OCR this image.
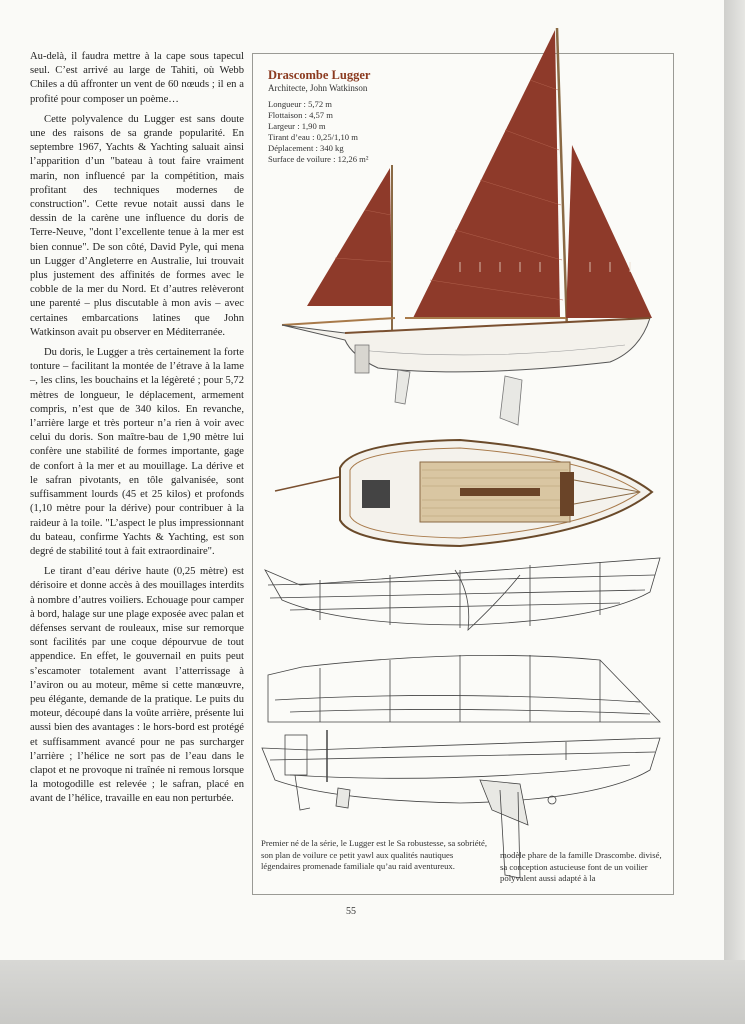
Au-delà, il faudra mettre à la cape sous tapecul seul. C’est arrivé au large de Tahiti, où Webb Chiles a dû affronter un vent de 60 nœuds ; il en a profité pour composer un poème…

Cette polyvalence du Lugger est sans doute une des raisons de sa grande popularité. En septembre 1967, Yachts & Yachting saluait ainsi l’apparition d’un "bateau à tout faire vraiment marin, non influencé par la compétition, mais profitant des techniques modernes de construction". Cette revue notait aussi dans le dessin de la carène une influence du doris de Terre-Neuve, "dont l’excellente tenue à la mer est bien connue". De son côté, David Pyle, qui mena un Lugger d’Angleterre en Australie, lui trouvait plus justement des affinités de formes avec le cobble de la mer du Nord. Et d’autres relèveront une parenté – plus discutable à mon avis – avec certaines embarcations latines que John Watkinson avait pu observer en Méditerranée.

Du doris, le Lugger a très certainement la forte tonture – facilitant la montée de l’étrave à la lame –, les clins, les bouchains et la légèreté ; pour 5,72 mètres de longueur, le déplacement, armement compris, n’est que de 340 kilos. En revanche, l’arrière large et très porteur n’a rien à voir avec celui du doris. Son maître-bau de 1,90 mètre lui confère une stabilité de formes importante, gage de confort à la mer et au mouillage. La dérive et le safran pivotants, en tôle galvanisée, sont suffisamment lourds (45 et 25 kilos) et profonds (1,10 mètre pour la dérive) pour contribuer à la raideur à la toile. "L’aspect le plus impressionnant du bateau, confirme Yachts & Yachting, est son degré de stabilité tout à fait extraordinaire".

Le tirant d’eau dérive haute (0,25 mètre) est dérisoire et donne accès à des mouillages interdits à nombre d’autres voiliers. Echouage pour camper à bord, halage sur une plage exposée avec palan et défenses servant de rouleaux, mise sur remorque sont facilités par une coque dépourvue de tout appendice. En effet, le gouvernail en puits peut s’escamoter totalement avant l’atterrissage à l’aviron ou au moteur, même si cette manœuvre, peu élégante, demande de la pratique. Le puits du moteur, découpé dans la voûte arrière, présente lui aussi bien des avantages : le hors-bord est protégé et suffisamment avancé pour ne pas surcharger l’arrière ; l’hélice ne sort pas de l’eau dans le clapot et ne provoque ni traînée ni remous lorsque la motogodille est relevée ; le safran, placé en avant de l’hélice, travaille en eau non perturbée.

Drascombe Lugger
Architecte, John Watkinson
Longueur : 5,72 m
Flottaison : 4,57 m
Largeur : 1,90 m
Tirant d’eau : 0,25/1,10 m
Déplacement : 340 kg
Surface de voilure : 12,26 m²
Premier né de la série, le Lugger est le Sa robustesse, sa sobriété, son plan de voilure ce petit yawl aux qualités nautiques légendaires promenade familiale qu’au raid aventureux.
modèle phare de la famille Drascombe. divisé, sa conception astucieuse font de un voilier polyvalent aussi adapté à la
55
